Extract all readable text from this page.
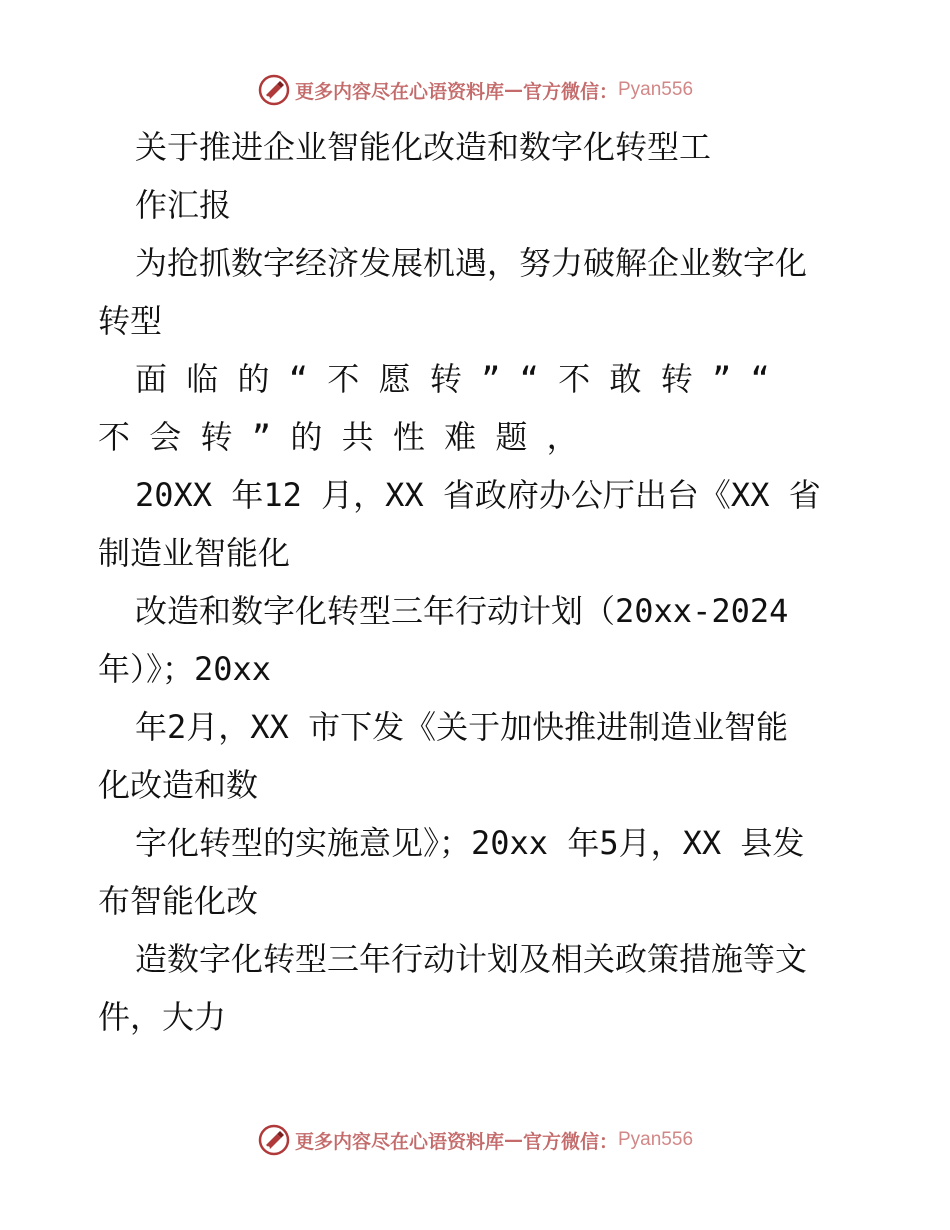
更多内容尽在心语资料库 — 官方微信： Pyan556
关于推进企业智能化改造和数字化转型工
作汇报
为抢抓数字经济发展机遇，努力破解企业数字化
转型
面 临 的 “ 不 愿 转 ” “ 不 敢 转 ” “
不 会 转 ” 的 共 性 难 题 ，
20XX 年12 月，XX 省政府办公厅出台《XX 省
制造业智能化
改造和数字化转型三年行动计划（20xx-2024
年）》；20xx
年2月，XX 市下发《关于加快推进制造业智能
化改造和数
字化转型的实施意见》；20xx 年5月，XX 县发
布智能化改
造数字化转型三年行动计划及相关政策措施等文
件，大力
更多内容尽在心语资料库 — 官方微信： Pyan556
